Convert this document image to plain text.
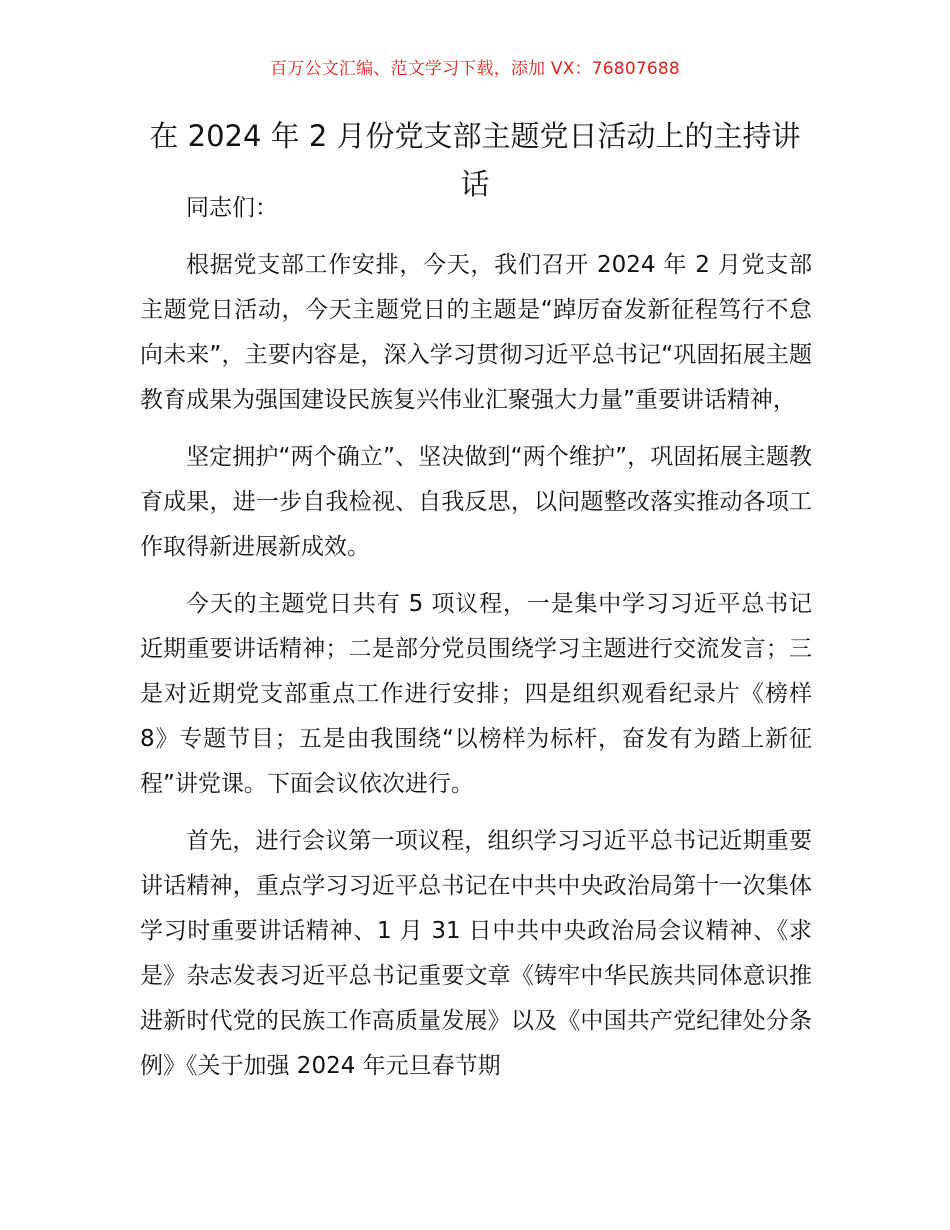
百万公文汇编、范文学习下载，添加 VX：76807688
在 2024 年 2 月份党支部主题党日活动上的主持讲话

同志们：

根据党支部工作安排，今天，我们召开 2024 年 2 月党支部主题党日活动，今天主题党日的主题是“踔厉奋发新征程笃行不怠向未来”，主要内容是，深入学习贯彻习近平总书记“巩固拓展主题教育成果为强国建设民族复兴伟业汇聚强大力量”重要讲话精神，

坚定拥护“两个确立”、坚决做到“两个维护”，巩固拓展主题教育成果，进一步自我检视、自我反思，以问题整改落实推动各项工作取得新进展新成效。

今天的主题党日共有 5 项议程，一是集中学习习近平总书记近期重要讲话精神；二是部分党员围绕学习主题进行交流发言；三是对近期党支部重点工作进行安排；四是组织观看纪录片《榜样 8》专题节目；五是由我围绕“以榜样为标杆，奋发有为踏上新征程”讲党课。下面会议依次进行。

首先，进行会议第一项议程，组织学习习近平总书记近期重要讲话精神，重点学习习近平总书记在中共中央政治局第十一次集体学习时重要讲话精神、1 月 31 日中共中央政治局会议精神、《求是》杂志发表习近平总书记重要文章《铸牢中华民族共同体意识推进新时代党的民族工作高质量发展》以及《中国共产党纪律处分条例》《关于加强 2024 年元旦春节期
